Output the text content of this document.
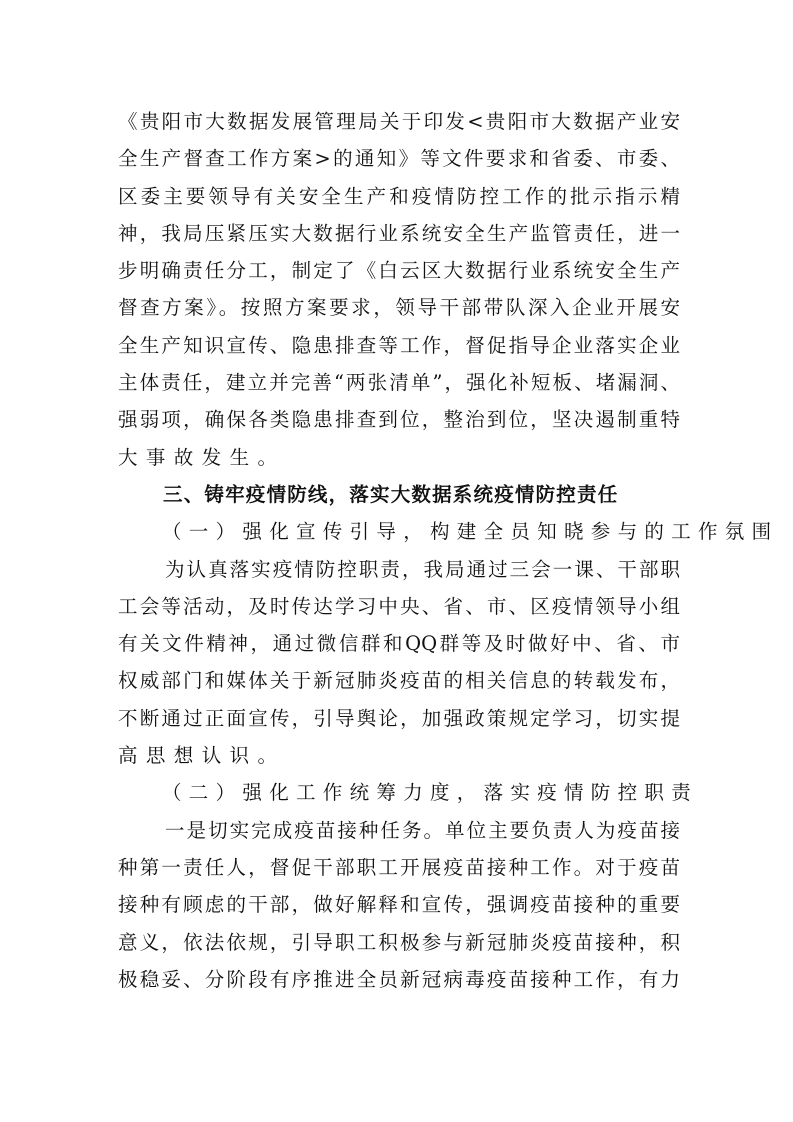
《贵阳市大数据发展管理局关于印发<贵阳市大数据产业安
全生产督查工作方案>的通知》等文件要求和省委、市委、
区委主要领导有关安全生产和疫情防控工作的批示指示精
神，我局压紧压实大数据行业系统安全生产监管责任，进一
步明确责任分工，制定了《白云区大数据行业系统安全生产
督查方案》。按照方案要求，领导干部带队深入企业开展安
全生产知识宣传、隐患排查等工作，督促指导企业落实企业
主体责任，建立并完善“两张清单”，强化补短板、堵漏洞、
强弱项，确保各类隐患排查到位，整治到位，坚决遏制重特
大事故发生。
三、铸牢疫情防线，落实大数据系统疫情防控责任
（一）强化宣传引导，构建全员知晓参与的工作氛围
为认真落实疫情防控职责，我局通过三会一课、干部职
工会等活动，及时传达学习中央、省、市、区疫情领导小组
有关文件精神，通过微信群和QQ群等及时做好中、省、市
权威部门和媒体关于新冠肺炎疫苗的相关信息的转载发布，
不断通过正面宣传，引导舆论，加强政策规定学习，切实提
高思想认识。
（二）强化工作统筹力度，落实疫情防控职责
一是切实完成疫苗接种任务。单位主要负责人为疫苗接
种第一责任人，督促干部职工开展疫苗接种工作。对于疫苗
接种有顾虑的干部，做好解释和宣传，强调疫苗接种的重要
意义，依法依规，引导职工积极参与新冠肺炎疫苗接种，积
极稳妥、分阶段有序推进全员新冠病毒疫苗接种工作，有力
